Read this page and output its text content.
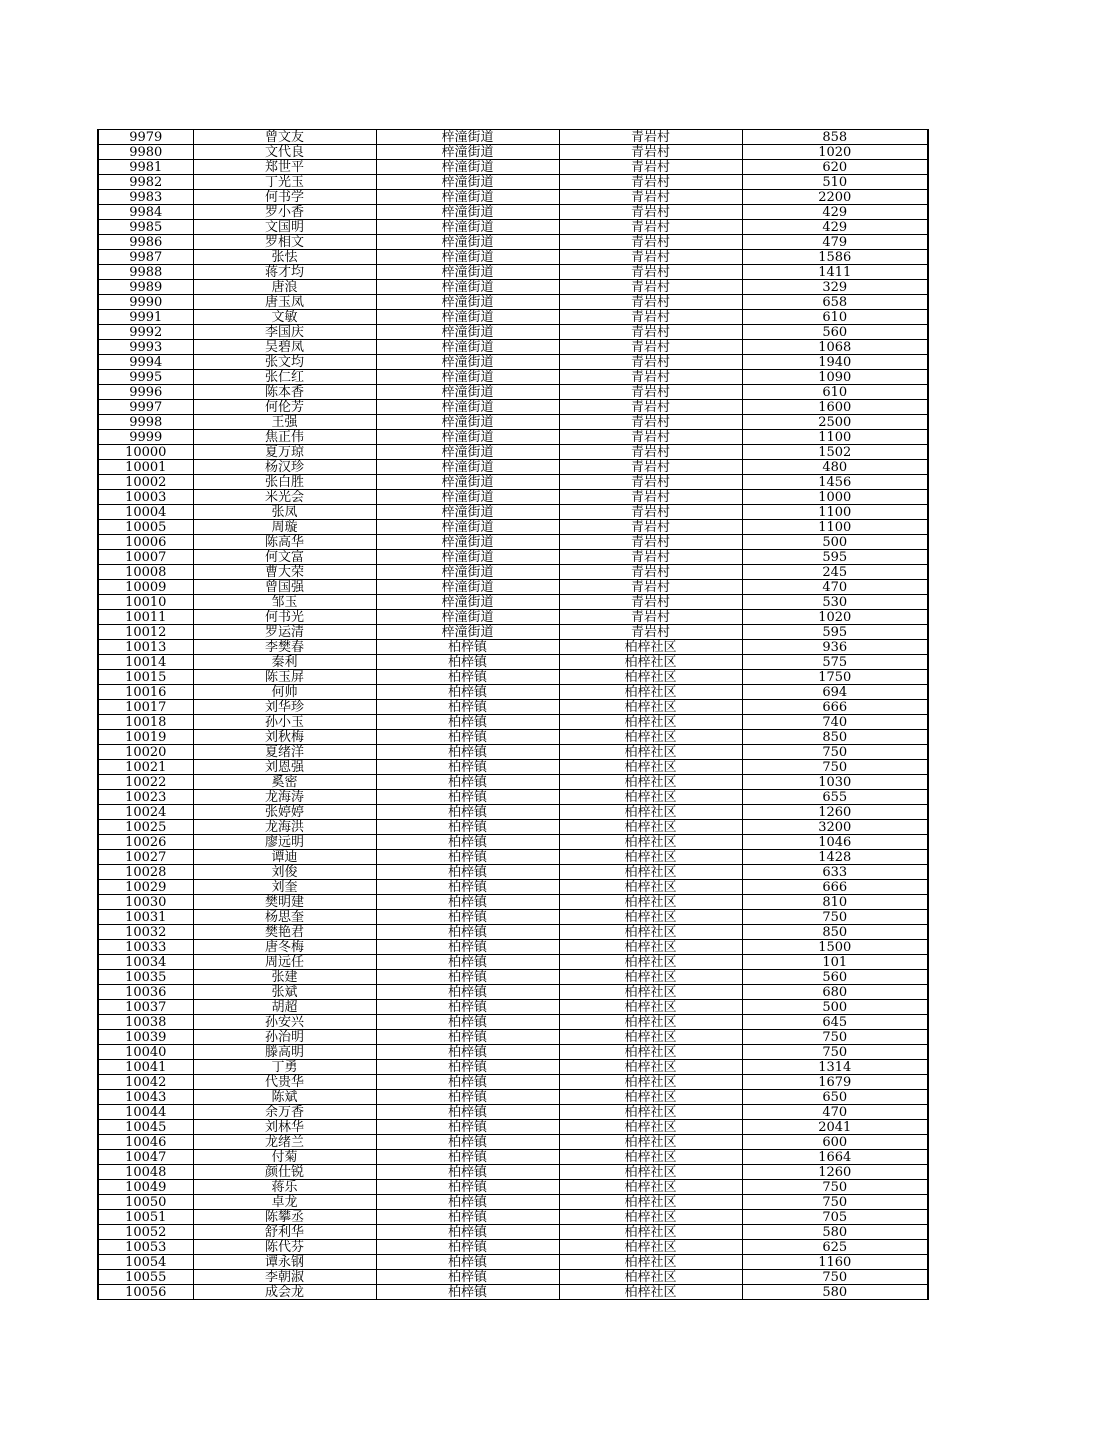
9979	曾文友	梓潼街道	青岩村	858
9980	文代良	梓潼街道	青岩村	1020
9981	郑世平	梓潼街道	青岩村	620
9982	丁光玉	梓潼街道	青岩村	510
9983	何书学	梓潼街道	青岩村	2200
9984	罗小香	梓潼街道	青岩村	429
9985	文国明	梓潼街道	青岩村	429
9986	罗相文	梓潼街道	青岩村	479
9987	张怯	梓潼街道	青岩村	1586
9988	蒋才均	梓潼街道	青岩村	1411
9989	唐浪	梓潼街道	青岩村	329
9990	唐玉凤	梓潼街道	青岩村	658
9991	文敏	梓潼街道	青岩村	610
9992	李国庆	梓潼街道	青岩村	560
9993	吴碧凤	梓潼街道	青岩村	1068
9994	张文均	梓潼街道	青岩村	1940
9995	张仁红	梓潼街道	青岩村	1090
9996	陈本香	梓潼街道	青岩村	610
9997	何伦芳	梓潼街道	青岩村	1600
9998	王强	梓潼街道	青岩村	2500
9999	焦正伟	梓潼街道	青岩村	1100
10000	夏万琼	梓潼街道	青岩村	1502
10001	杨汉珍	梓潼街道	青岩村	480
10002	张白胜	梓潼街道	青岩村	1456
10003	米光会	梓潼街道	青岩村	1000
10004	张凤	梓潼街道	青岩村	1100
10005	周璇	梓潼街道	青岩村	1100
10006	陈高华	梓潼街道	青岩村	500
10007	何文富	梓潼街道	青岩村	595
10008	曹大荣	梓潼街道	青岩村	245
10009	曾国强	梓潼街道	青岩村	470
10010	邹玉	梓潼街道	青岩村	530
10011	何书光	梓潼街道	青岩村	1020
10012	罗运清	梓潼街道	青岩村	595
10013	李樊春	柏梓镇	柏梓社区	936
10014	秦利	柏梓镇	柏梓社区	575
10015	陈玉屏	柏梓镇	柏梓社区	1750
10016	何帅	柏梓镇	柏梓社区	694
10017	刘华珍	柏梓镇	柏梓社区	666
10018	孙小玉	柏梓镇	柏梓社区	740
10019	刘秋梅	柏梓镇	柏梓社区	850
10020	夏绪洋	柏梓镇	柏梓社区	750
10021	刘恩强	柏梓镇	柏梓社区	750
10022	奚密	柏梓镇	柏梓社区	1030
10023	龙海涛	柏梓镇	柏梓社区	655
10024	张婷婷	柏梓镇	柏梓社区	1260
10025	龙海洪	柏梓镇	柏梓社区	3200
10026	廖远明	柏梓镇	柏梓社区	1046
10027	谭迪	柏梓镇	柏梓社区	1428
10028	刘俊	柏梓镇	柏梓社区	633
10029	刘奎	柏梓镇	柏梓社区	666
10030	樊明建	柏梓镇	柏梓社区	810
10031	杨思奎	柏梓镇	柏梓社区	750
10032	樊艳君	柏梓镇	柏梓社区	850
10033	唐冬梅	柏梓镇	柏梓社区	1500
10034	周远任	柏梓镇	柏梓社区	101
10035	张建	柏梓镇	柏梓社区	560
10036	张斌	柏梓镇	柏梓社区	680
10037	胡超	柏梓镇	柏梓社区	500
10038	孙安兴	柏梓镇	柏梓社区	645
10039	孙治明	柏梓镇	柏梓社区	750
10040	滕高明	柏梓镇	柏梓社区	750
10041	丁勇	柏梓镇	柏梓社区	1314
10042	代贵华	柏梓镇	柏梓社区	1679
10043	陈斌	柏梓镇	柏梓社区	650
10044	余万香	柏梓镇	柏梓社区	470
10045	刘林华	柏梓镇	柏梓社区	2041
10046	龙绪兰	柏梓镇	柏梓社区	600
10047	付菊	柏梓镇	柏梓社区	1664
10048	颜仕锐	柏梓镇	柏梓社区	1260
10049	蒋乐	柏梓镇	柏梓社区	750
10050	卓龙	柏梓镇	柏梓社区	750
10051	陈攀丞	柏梓镇	柏梓社区	705
10052	舒利华	柏梓镇	柏梓社区	580
10053	陈代芬	柏梓镇	柏梓社区	625
10054	谭永钢	柏梓镇	柏梓社区	1160
10055	李朝淑	柏梓镇	柏梓社区	750
10056	成会龙	柏梓镇	柏梓社区	580
